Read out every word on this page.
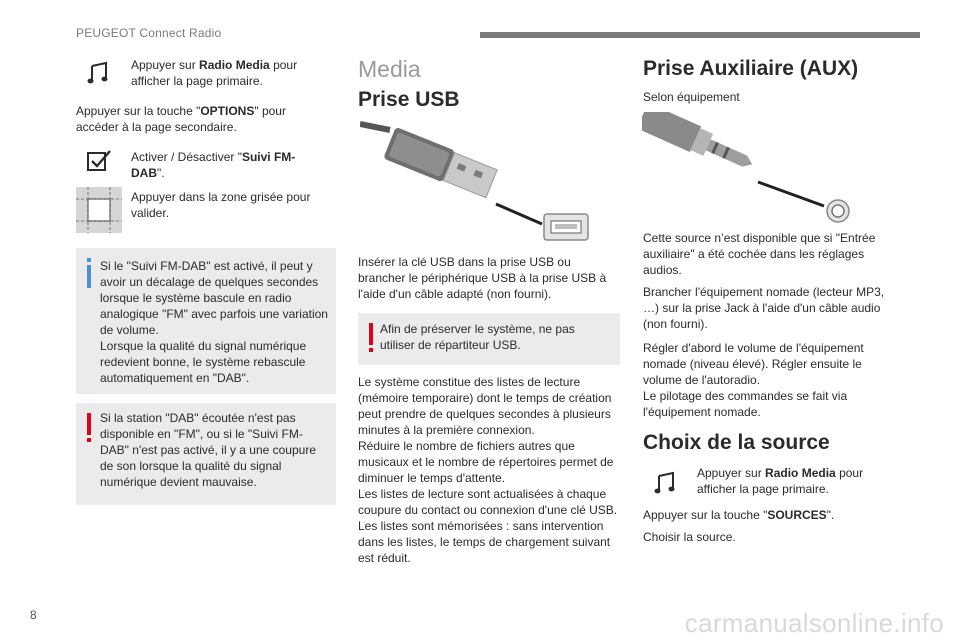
PEUGEOT Connect Radio
8	carmanualsonline.info
Appuyer sur Radio Media pour afficher la page primaire.
Appuyer sur la touche "OPTIONS" pour accéder à la page secondaire.
Activer / Désactiver "Suivi FM-DAB".
Appuyer dans la zone grisée pour valider.
Si le "Suivi FM-DAB" est activé, il peut y avoir un décalage de quelques secondes lorsque le système bascule en radio analogique "FM" avec parfois une variation de volume.
Lorsque la qualité du signal numérique redevient bonne, le système rebascule automatiquement en "DAB".
Si la station "DAB" écoutée n'est pas disponible en "FM", ou si le "Suivi FM-DAB" n'est pas activé, il y a une coupure de son lorsque la qualité du signal numérique devient mauvaise.
Media
Prise USB
Insérer la clé USB dans la prise USB ou brancher le périphérique USB à la prise USB à l'aide d'un câble adapté (non fourni).
Afin de préserver le système, ne pas utiliser de répartiteur USB.
Le système constitue des listes de lecture (mémoire temporaire) dont le temps de création peut prendre de quelques secondes à plusieurs minutes à la première connexion.
Réduire le nombre de fichiers autres que musicaux et le nombre de répertoires permet de diminuer le temps d'attente.
Les listes de lecture sont actualisées à chaque coupure du contact ou connexion d'une clé USB. Les listes sont mémorisées : sans intervention dans les listes, le temps de chargement suivant est réduit.
Prise Auxiliaire (AUX)
Selon équipement
Cette source n’est disponible que si "Entrée auxiliaire" a été cochée dans les réglages audios.
Brancher l'équipement nomade (lecteur MP3, …) sur la prise Jack à l'aide d'un câble audio (non fourni).
Régler d'abord le volume de l'équipement nomade (niveau élevé). Régler ensuite le volume de l'autoradio.
Le pilotage des commandes se fait via l'équipement nomade.
Choix de la source
Appuyer sur Radio Media pour afficher la page primaire.
Appuyer sur la touche "SOURCES".
Choisir la source.
